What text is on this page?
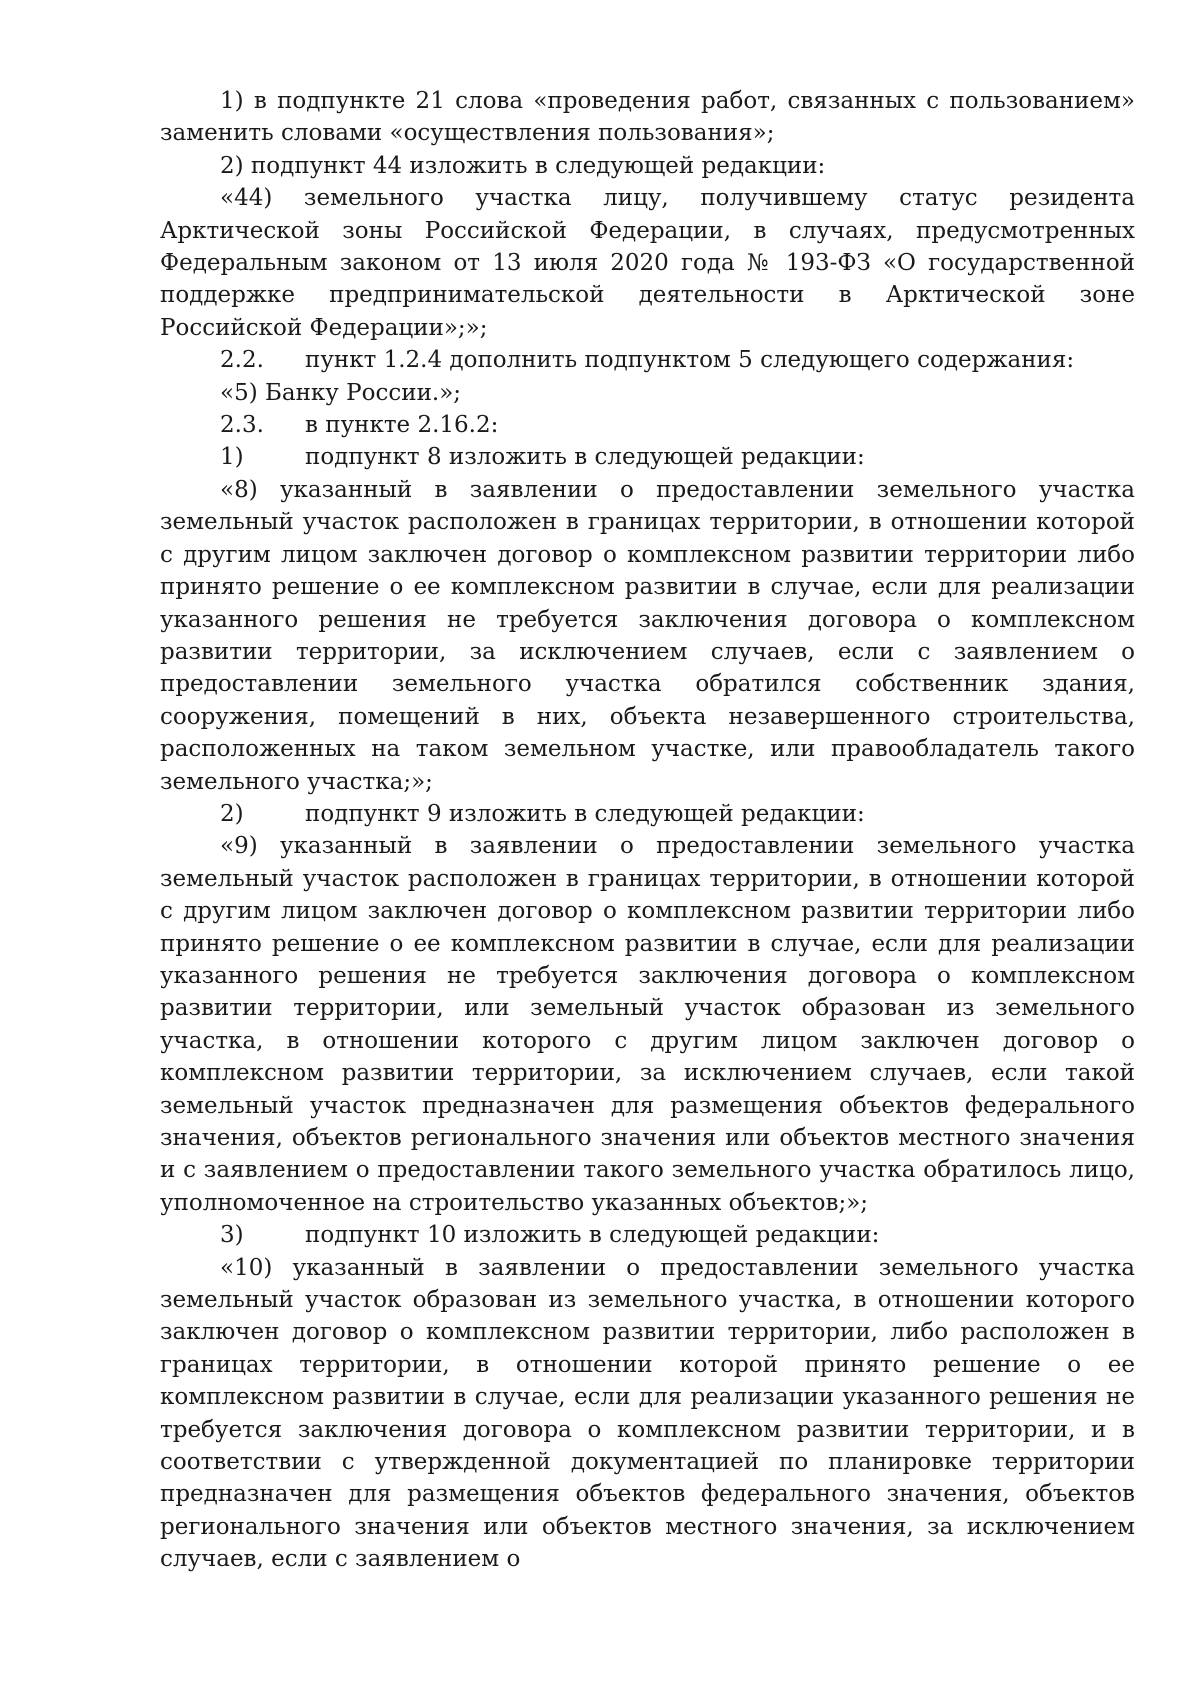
1) в подпункте 21 слова «проведения работ, связанных с пользованием» заменить словами «осуществления пользования»;

2) подпункт 44 изложить в следующей редакции:

«44) земельного участка лицу, получившему статус резидента Арктической зоны Российской Федерации, в случаях, предусмотренных Федеральным законом от 13 июля 2020 года № 193-ФЗ «О государственной поддержке предпринимательской деятельности в Арктической зоне Российской Федерации»;»;

2.2.	пункт 1.2.4 дополнить подпунктом 5 следующего содержания:

«5) Банку России.»;

2.3.	в пункте 2.16.2:
1)	подпункт 8 изложить в следующей редакции:

«8) указанный в заявлении о предоставлении земельного участка земельный участок расположен в границах территории, в отношении которой с другим лицом заключен договор о комплексном развитии территории либо принято решение о ее комплексном развитии в случае, если для реализации указанного решения не требуется заключения договора о комплексном развитии территории, за исключением случаев, если с заявлением о предоставлении земельного участка обратился собственник здания, сооружения, помещений в них, объекта незавершенного строительства, расположенных на таком земельном участке, или правообладатель такого земельного участка;»;

2)	подпункт 9 изложить в следующей редакции:

«9) указанный в заявлении о предоставлении земельного участка земельный участок расположен в границах территории, в отношении которой с другим лицом заключен договор о комплексном развитии территории либо принято решение о ее комплексном развитии в случае, если для реализации указанного решения не требуется заключения договора о комплексном развитии территории, или земельный участок образован из земельного участка, в отношении которого с другим лицом заключен договор о комплексном развитии территории, за исключением случаев, если такой земельный участок предназначен для размещения объектов федерального значения, объектов регионального значения или объектов местного значения и с заявлением о предоставлении такого земельного участка обратилось лицо, уполномоченное на строительство указанных объектов;»;

3)	подпункт 10 изложить в следующей редакции:

«10) указанный в заявлении о предоставлении земельного участка земельный участок образован из земельного участка, в отношении которого заключен договор о комплексном развитии территории, либо расположен в границах территории, в отношении которой принято решение о ее комплексном развитии в случае, если для реализации указанного решения не требуется заключения договора о комплексном развитии территории, и в соответствии с утвержденной документацией по планировке территории предназначен для размещения объектов федерального значения, объектов регионального значения или объектов местного значения, за исключением случаев, если с заявлением о
